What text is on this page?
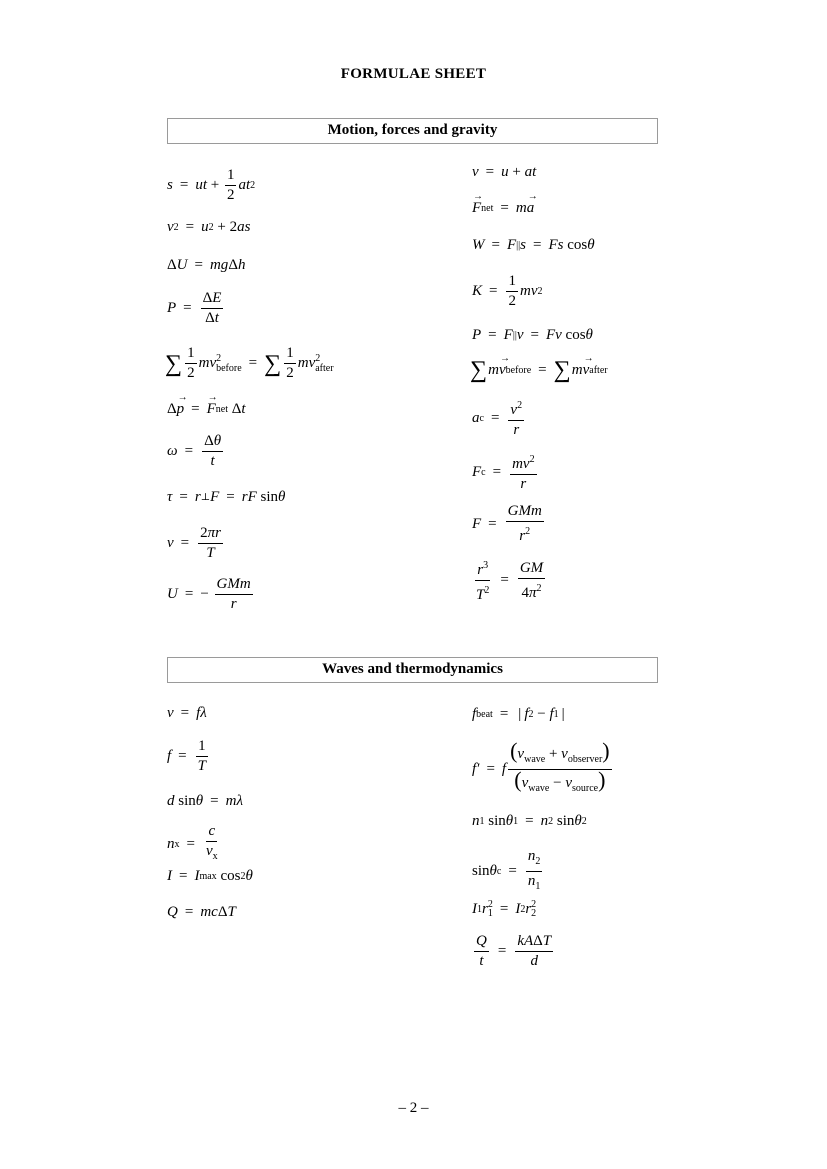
FORMULAE SHEET
Motion, forces and gravity
s = ut + $\frac{1}{2}$ at 2
v 2 = u 2 + 2 as
Δ U = mg Δ h
$P = \frac{\Delta E}{\Delta t}$
∑ $\frac{1}{2}$ mv 2
before = ∑ $\frac{1}{2}$ mv 2
after
Δ → p = → F net Δ t
$\omega = \frac{\Delta\theta}{t}$
τ = r ⊥ F = rF sin θ
$v = \frac{2\pi r}{T}$
U = − $\frac{\text{GMm}}{r}$
v = u + at
→ F net = m → a
W = F || s = Fs cos θ
$K = \frac{1}{2}$ mv 2
P = F || v = Fv cos θ
∑ m → v before = ∑ m → v after
a $c = \frac{v^2}{r}$
F $c = \frac{mv^2}{r}$
$F = \frac{\text{GMm}}{r^2}$
$\frac{r^3}{T^2} = \frac{GM}{4\pi^2}$
Waves and thermodynamics
v = fλ
$f = \frac{1}{T}$
d sin θ = mλ
n $x = \frac{c}{v_x}$
I = I max cos 2 θ
Q = mc Δ T
f beat = | f 2 − f 1 |
f′ = f $\frac{(v_{wave} + v_{observer})}{(v_{wave} - v_{source})}$
n 1 sin θ 1 = n 2 sin θ 2
sin θ $c = \frac{n_2}{n_1}$
I 1 r 2
1 = I 2 r 2
2
$\frac{Q}{t} = \frac{\text{kAΔT}}{d}$
– 2 –
